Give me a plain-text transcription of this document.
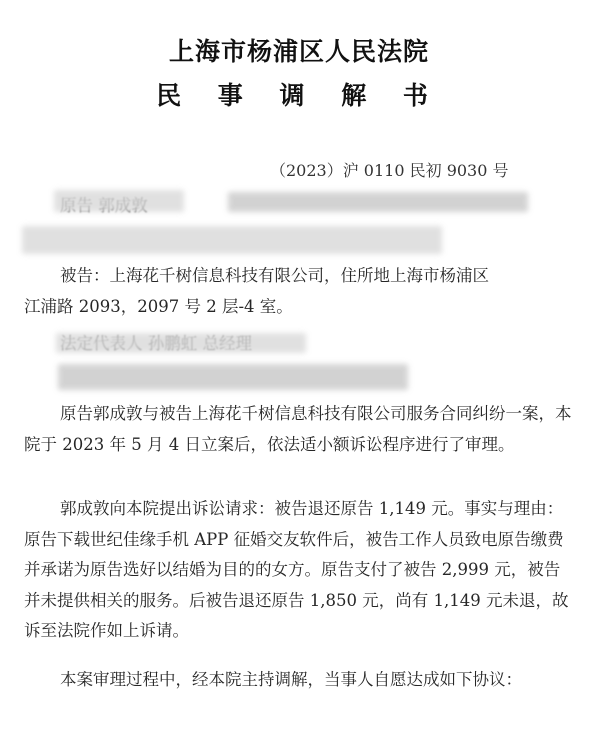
上海市杨浦区人民法院
民 事 调 解 书
（2023）沪 0110 民初 9030 号
被告：上海花千树信息科技有限公司，住所地上海市杨浦区
江浦路 2093，2097 号 2 层-4 室。
原告郭成敦与被告上海花千树信息科技有限公司服务合同纠纷一案，本院于 2023 年 5 月 4 日立案后，依法适小额诉讼程序进行了审理。
郭成敦向本院提出诉讼请求：被告退还原告 1,149 元。事实与理由：原告下载世纪佳缘手机 APP 征婚交友软件后，被告工作人员致电原告缴费并承诺为原告选好以结婚为目的的女方。原告支付了被告 2,999 元，被告并未提供相关的服务。后被告退还原告 1,850 元，尚有 1,149 元未退，故诉至法院作如上诉请。
本案审理过程中，经本院主持调解，当事人自愿达成如下协议：
